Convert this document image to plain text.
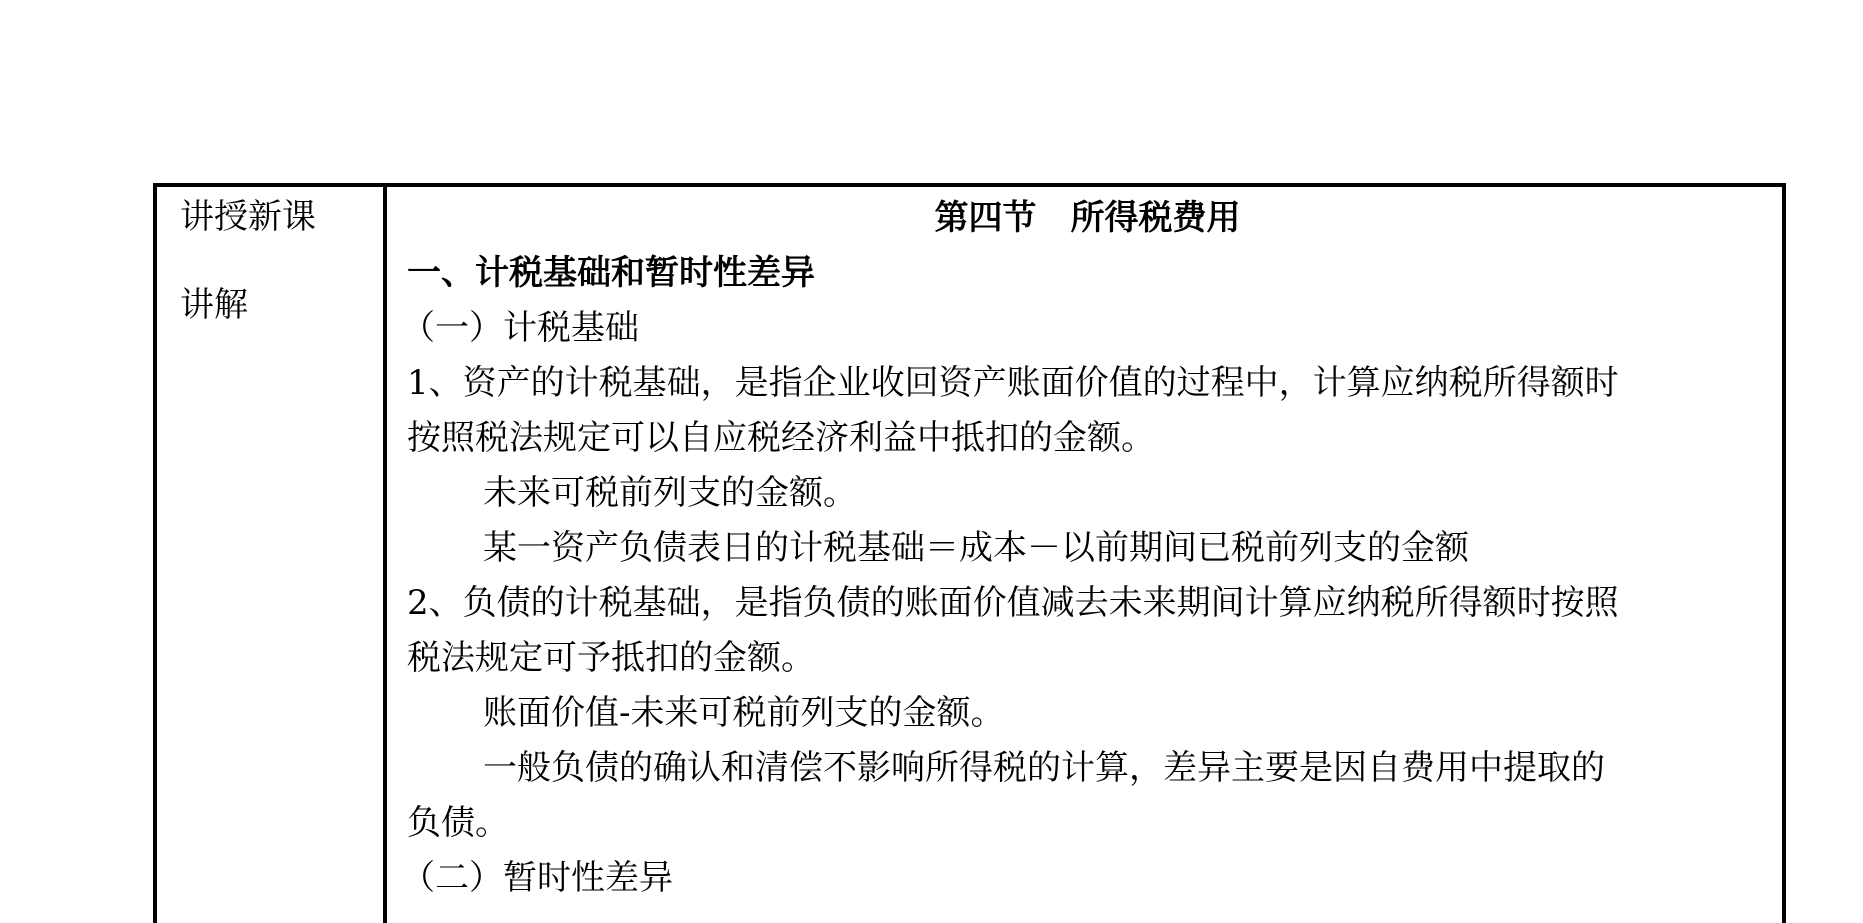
讲授新课
讲解
第四节　所得税费用
一、计税基础和暂时性差异
（一）计税基础
1、资产的计税基础，是指企业收回资产账面价值的过程中，计算应纳税所得额时
按照税法规定可以自应税经济利益中抵扣的金额。
未来可税前列支的金额。
某一资产负债表日的计税基础＝成本－以前期间已税前列支的金额
2、负债的计税基础，是指负债的账面价值减去未来期间计算应纳税所得额时按照
税法规定可予抵扣的金额。
账面价值-未来可税前列支的金额。
一般负债的确认和清偿不影响所得税的计算，差异主要是因自费用中提取的
负债。
（二）暂时性差异
